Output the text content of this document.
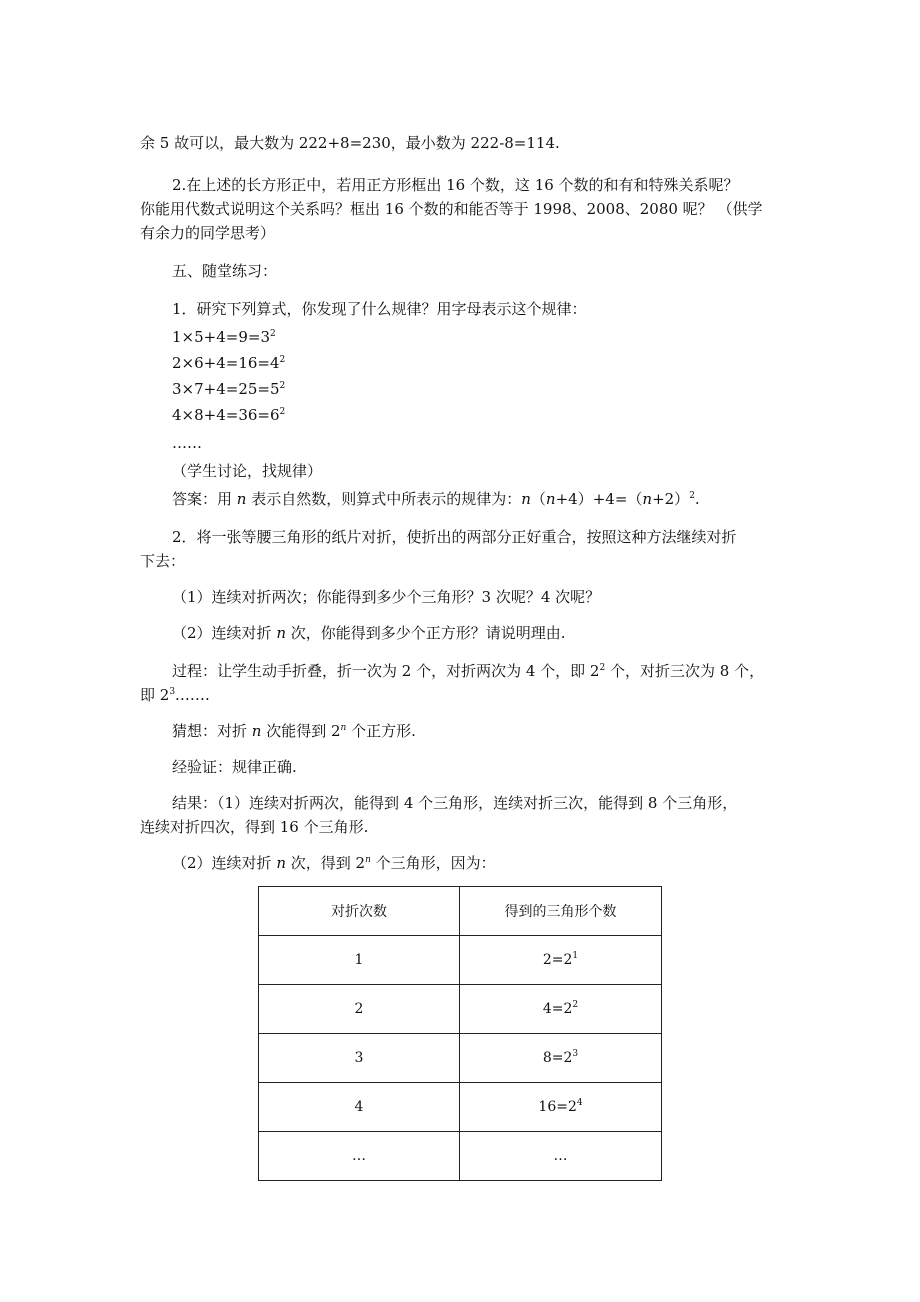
余 5 故可以，最大数为 222+8=230，最小数为 222-8=114.
2.在上述的长方形正中，若用正方形框出 16 个数，这 16 个数的和有和特殊关系呢？
你能用代数式说明这个关系吗？框出 16 个数的和能否等于 1998、2008、2080 呢？ （供学
有余力的同学思考）
五、随堂练习：
1．研究下列算式，你发现了什么规律？用字母表示这个规律：
$1\times 5+4=9=3^2$
$2\times 6+4=16=4^2$
$3\times 7+4=25=5^2$
$4\times 8+4=36=6^2$
……
（学生讨论，找规律）
答案：用 n 表示自然数，则算式中所表示的规律为：$n(n+4)+4=(n+2)^2$.
2．将一张等腰三角形的纸片对折，使折出的两部分正好重合，按照这种方法继续对折
下去：
（1）连续对折两次；你能得到多少个三角形？3 次呢？4 次呢？
（2）连续对折 n 次，你能得到多少个正方形？请说明理由.
过程：让学生动手折叠，折一次为 2 个，对折两次为 4 个，即 $2^2$ 个，对折三次为 8 个，
即 $2^3.\dots\dots$
猜想：对折 n 次能得到 2$^n$ 个正方形.
经验证：规律正确.
结果：（1）连续对折两次，能得到 4 个三角形，连续对折三次，能得到 8 个三角形，
连续对折四次，得到 16 个三角形.
（2）连续对折 n 次，得到 2$^n$ 个三角形，因为：
对折次数	得到的三角形个数
1	$2=2^1$
2	$4=2^2$
3	$8=2^3$
4	$16=2^4$
…	…
